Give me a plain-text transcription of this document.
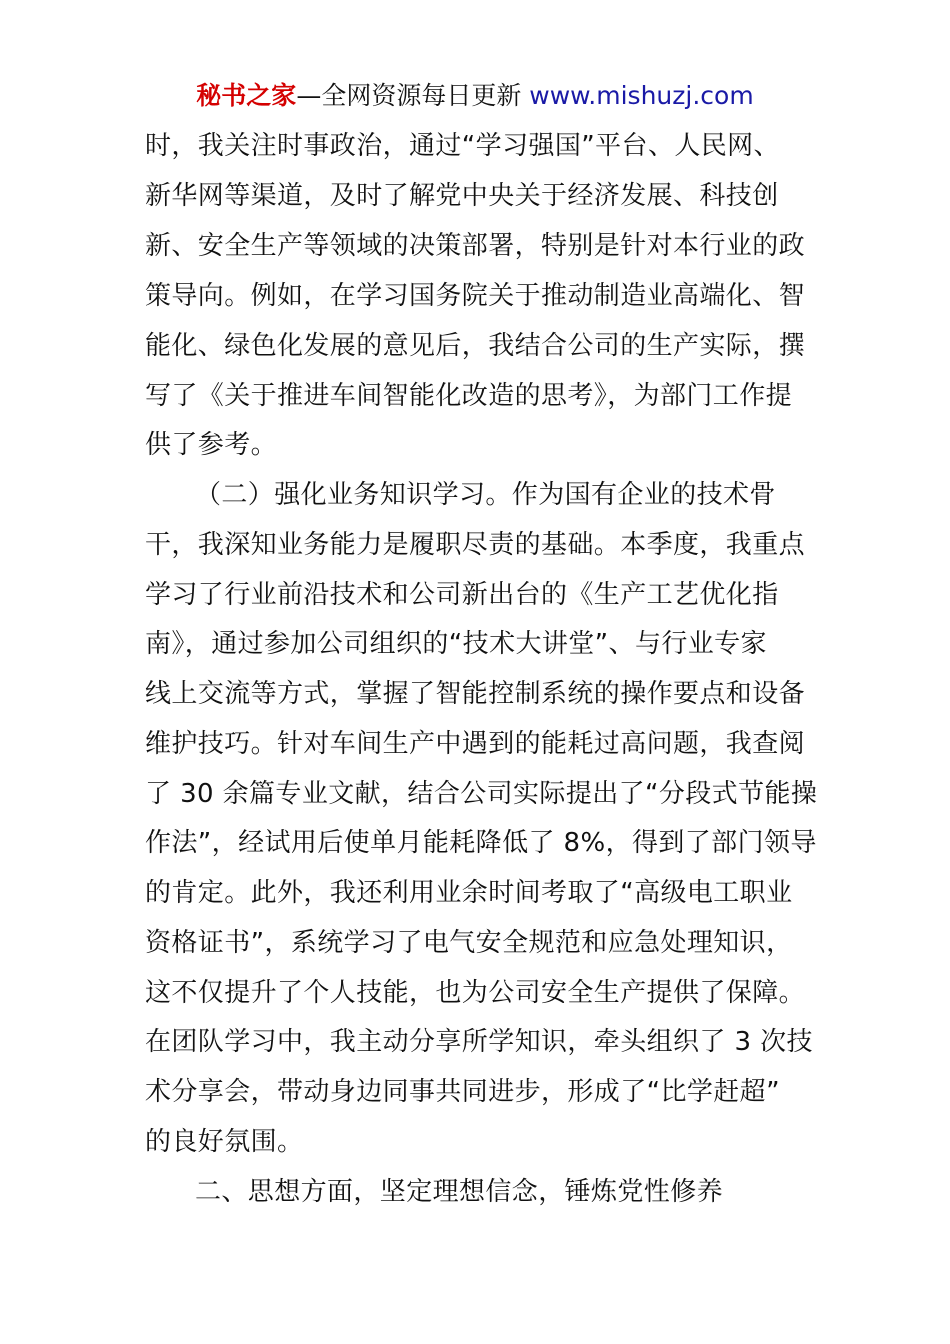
秘书之家—全网资源每日更新 www.mishuzj.com
时，我关注时事政治，通过“学习强国”平台、人民网、
新华网等渠道，及时了解党中央关于经济发展、科技创
新、安全生产等领域的决策部署，特别是针对本行业的政
策导向。例如，在学习国务院关于推动制造业高端化、智
能化、绿色化发展的意见后，我结合公司的生产实际，撰
写了《关于推进车间智能化改造的思考》，为部门工作提
供了参考。
（二）强化业务知识学习。作为国有企业的技术骨
干，我深知业务能力是履职尽责的基础。本季度，我重点
学习了行业前沿技术和公司新出台的《生产工艺优化指
南》，通过参加公司组织的“技术大讲堂”、与行业专家
线上交流等方式，掌握了智能控制系统的操作要点和设备
维护技巧。针对车间生产中遇到的能耗过高问题，我查阅
了 30 余篇专业文献，结合公司实际提出了“分段式节能操
作法”，经试用后使单月能耗降低了 8%，得到了部门领导
的肯定。此外，我还利用业余时间考取了“高级电工职业
资格证书”，系统学习了电气安全规范和应急处理知识，
这不仅提升了个人技能，也为公司安全生产提供了保障。
在团队学习中，我主动分享所学知识，牵头组织了 3 次技
术分享会，带动身边同事共同进步，形成了“比学赶超”
的良好氛围。
二、思想方面，坚定理想信念，锤炼党性修养
